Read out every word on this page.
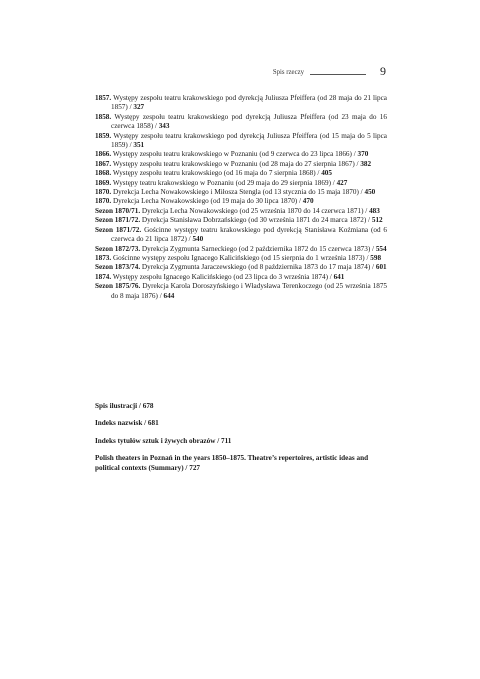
Spis rzeczy	9
1857. Występy zespołu teatru krakowskiego pod dyrekcją Juliusza Pfeiffera (od 28 maja do 21 lipca 1857) / 327
1858. Występy zespołu teatru krakowskiego pod dyrekcją Juliusza Pfeiffera (od 23 maja do 16 czerwca 1858) / 343
1859. Występy zespołu teatru krakowskiego pod dyrekcją Juliusza Pfeiffera (od 15 maja do 5 lipca 1859) / 351
1866. Występy zespołu teatru krakowskiego w Poznaniu (od 9 czerwca do 23 lipca 1866) / 370
1867. Występy zespołu teatru krakowskiego w Poznaniu (od 28 maja do 27 sierpnia 1867) / 382
1868. Występy zespołu teatru krakowskiego (od 16 maja do 7 sierpnia 1868) / 405
1869. Występy teatru krakowskiego w Poznaniu (od 29 maja do 29 sierpnia 1869) / 427
1870. Dyrekcja Lecha Nowakowskiego i Miłosza Stengla (od 13 stycznia do 15 maja 1870) / 450
1870. Dyrekcja Lecha Nowakowskiego (od 19 maja do 30 lipca 1870) / 470
Sezon 1870/71. Dyrekcja Lecha Nowakowskiego (od 25 września 1870 do 14 czerwca 1871) / 483
Sezon 1871/72. Dyrekcja Stanisława Dobrzańskiego (od 30 września 1871 do 24 marca 1872) / 512
Sezon 1871/72. Gościnne występy teatru krakowskiego pod dyrekcją Stanisława Koźmiana (od 6 czerwca do 21 lipca 1872) / 540
Sezon 1872/73. Dyrekcja Zygmunta Sarneckiego (od 2 października 1872 do 15 czerwca 1873) / 554
1873. Gościnne występy zespołu Ignacego Kalicińskiego (od 15 sierpnia do 1 września 1873) / 598
Sezon 1873/74. Dyrekcja Zygmunta Jaraczewskiego (od 8 października 1873 do 17 maja 1874) / 601
1874. Występy zespołu Ignacego Kalicińskiego (od 23 lipca do 3 września 1874) / 641
Sezon 1875/76. Dyrekcja Karola Doroszyńskiego i Władysława Terenkoczego (od 25 września 1875 do 8 maja 1876) / 644

Spis ilustracji / 678

Indeks nazwisk / 681

Indeks tytułów sztuk i żywych obrazów / 711

Polish theaters in Poznań in the years 1850–1875. Theatre’s repertoires, artistic ideas and political contexts (Summary) / 727
